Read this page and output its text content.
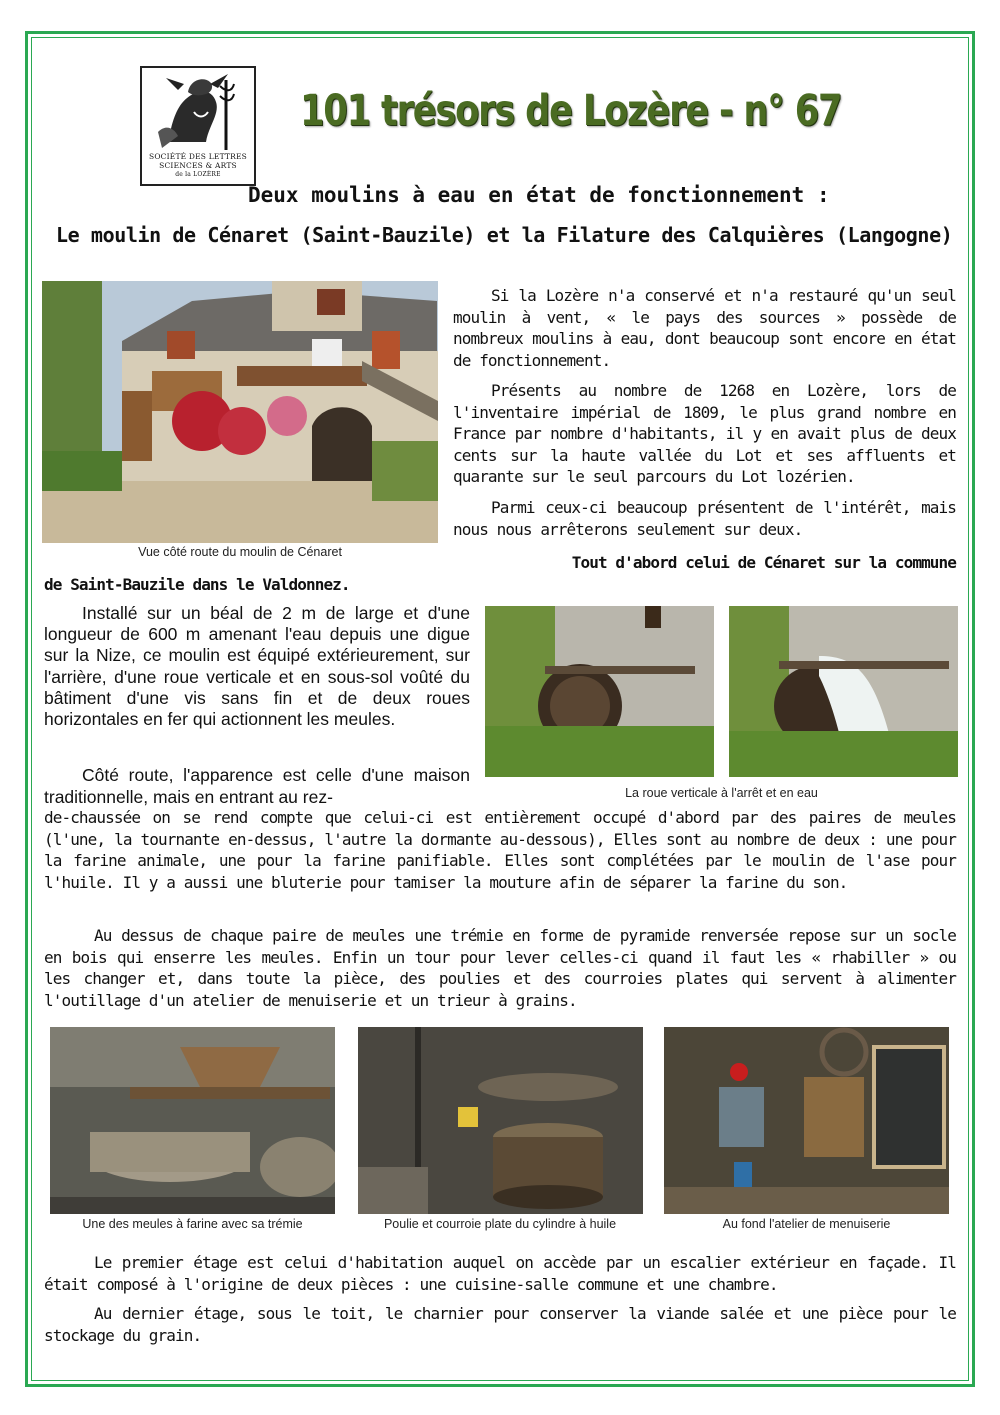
SOCIÉTÉ DES LETTRES
SCIENCES & ARTS
de la LOZÈRE
101 trésors de Lozère - n° 67
Deux moulins à eau en état de fonctionnement :
Le moulin de Cénaret (Saint-Bauzile) et la Filature des Calquières (Langogne)
Vue côté route du moulin de Cénaret
Si la Lozère n'a conservé et n'a restauré qu'un seul moulin à vent, « le pays des sources » possède de nombreux moulins à eau, dont beaucoup sont encore en état de fonctionnement.
Présents au nombre de 1268 en Lozère, lors de l'inventaire impérial de 1809, le plus grand nombre en France par nombre d'habitants, il y en avait plus de deux cents sur la haute vallée du Lot et ses affluents et quarante sur le seul parcours du Lot lozérien.
Parmi ceux-ci beaucoup présentent de l'intérêt, mais nous nous arrêterons seulement sur deux.
Tout d'abord celui de Cénaret sur la commune
de Saint-Bauzile dans le Valdonnez.
Installé sur un béal de 2 m de large et d'une longueur de 600 m amenant l'eau depuis une digue sur la Nize, ce moulin est équipé extérieurement, sur l'arrière, d'une roue verticale et en sous-sol voûté du bâtiment d'une vis sans fin et de deux roues horizontales en fer qui actionnent les meules.
La roue verticale à l'arrêt et en eau
Côté route, l'apparence est celle d'une maison traditionnelle, mais en entrant au rez-
de-chaussée on se rend compte que celui-ci est entièrement occupé d'abord par des paires de meules (l'une, la tournante en-dessus, l'autre la dormante au-dessous), Elles sont au nombre de deux : une pour la farine animale, une pour la farine panifiable. Elles sont complétées par le moulin de l'ase pour l'huile. Il y a aussi une bluterie pour tamiser la mouture afin de séparer la farine du son.
Au dessus de chaque paire de meules une trémie en forme de pyramide renversée repose sur un socle en bois qui enserre les meules. Enfin un tour pour lever celles-ci quand il faut les « rhabiller » ou les changer et, dans toute la pièce, des poulies et des courroies plates qui servent à alimenter l'outillage d'un atelier de menuiserie et un trieur à grains.
Une des meules à farine avec sa trémie	Poulie et courroie plate du cylindre à huile	Au fond l'atelier de menuiserie
Le premier étage est celui d'habitation auquel on accède par un escalier extérieur en façade. Il était composé à l'origine de deux pièces : une cuisine-salle commune et une chambre.
Au dernier étage, sous le toit, le charnier pour conserver la viande salée et une pièce pour le stockage du grain.
